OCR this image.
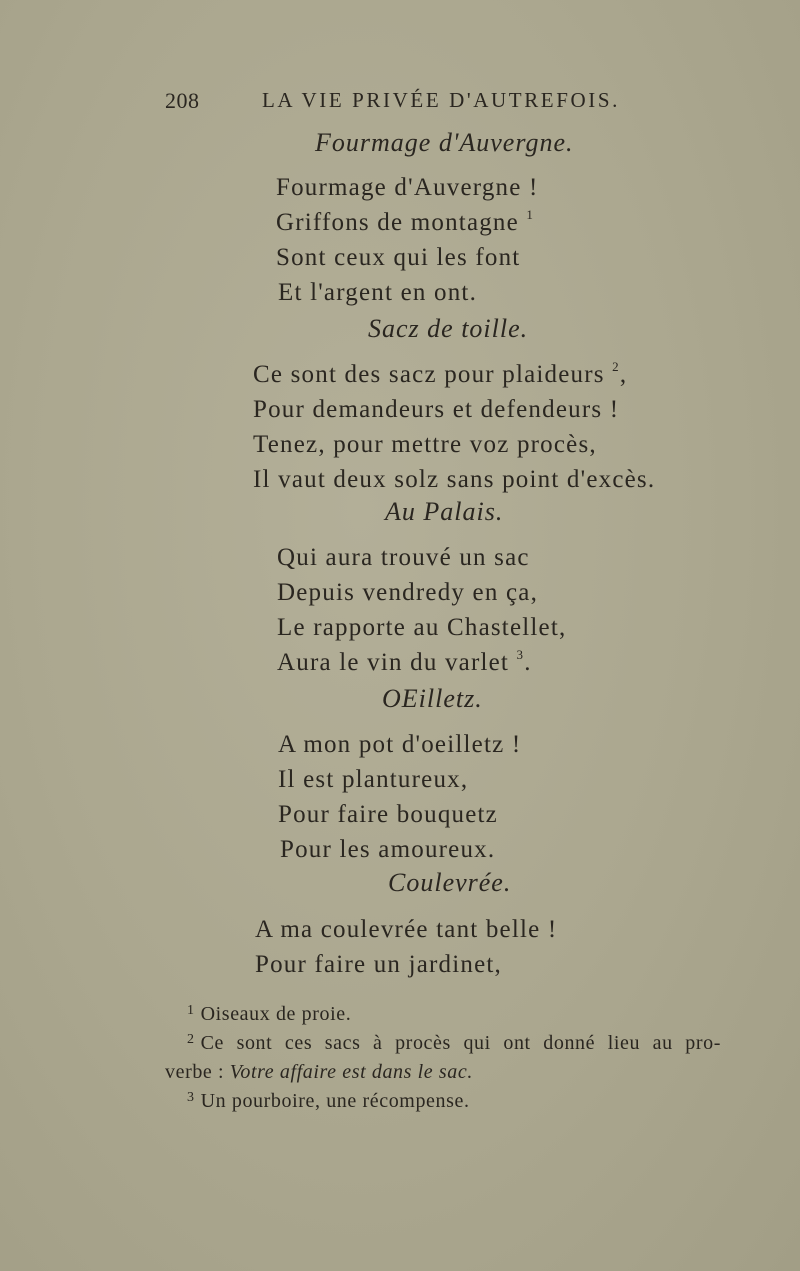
208	LA VIE PRIVÉE D'AUTREFOIS.
Fourmage d'Auvergne.
Fourmage d'Auvergne !
Griffons de montagne $^1$
Sont ceux qui les font
Et l'argent en ont.
Sacz de toille.
Ce sont des sacz pour plaideurs $^2$,
Pour demandeurs et defendeurs !
Tenez, pour mettre voz procès,
Il vaut deux solz sans point d'excès.
Au Palais.
Qui aura trouvé un sac
Depuis vendredy en ça,
Le rapporte au Chastellet,
Aura le vin du varlet $^3$.
OEilletz.
A mon pot d'oeilletz !
Il est plantureux,
Pour faire bouquetz
Pour les amoureux.
Coulevrée.
A ma coulevrée tant belle !
Pour faire un jardinet,
$^1$ Oiseaux de proie.
$^2$ Ce sont ces sacs à procès qui ont donné lieu au pro-
verbe : Votre affaire est dans le sac.
$^3$ Un pourboire, une récompense.
